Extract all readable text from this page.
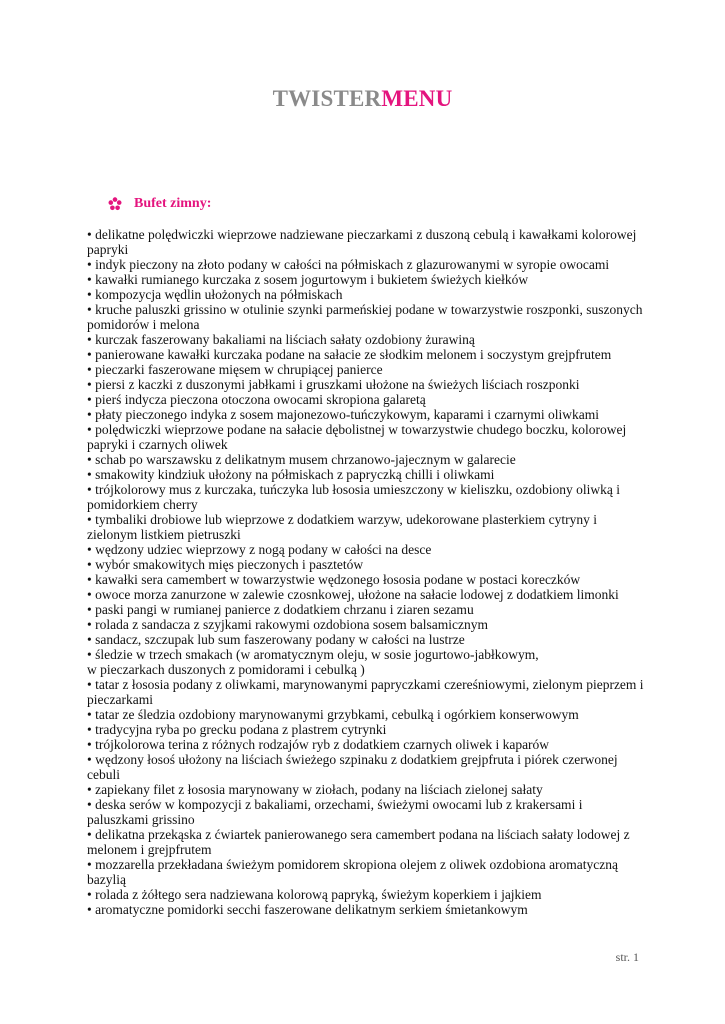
TWISTERMENU
Bufet zimny:
• delikatne polędwiczki wieprzowe nadziewane pieczarkami z duszoną cebulą i kawałkami kolorowej papryki
• indyk pieczony na złoto podany w całości na półmiskach z glazurowanymi w syropie owocami
• kawałki rumianego kurczaka z sosem jogurtowym i bukietem świeżych kiełków
• kompozycja wędlin ułożonych na półmiskach
• kruche paluszki grissino w otulinie szynki parmeńskiej podane w towarzystwie roszponki, suszonych pomidorów i melona
• kurczak faszerowany bakaliami na liściach sałaty ozdobiony żurawiną
• panierowane kawałki kurczaka podane na sałacie ze słodkim melonem i soczystym grejpfrutem
• pieczarki faszerowane mięsem w chrupiącej panierce
• piersi z kaczki z duszonymi jabłkami i gruszkami ułożone na świeżych liściach roszponki
• pierś indycza pieczona otoczona owocami skropiona galaretą
• płaty pieczonego indyka z sosem majonezowo-tuńczykowym, kaparami i czarnymi oliwkami
• polędwiczki wieprzowe podane na sałacie dębolistnej w towarzystwie chudego boczku, kolorowej papryki i czarnych oliwek
• schab po warszawsku z delikatnym musem chrzanowo-jajecznym w galarecie
• smakowity kindziuk ułożony na półmiskach z papryczką chilli i oliwkami
• trójkolorowy mus z kurczaka, tuńczyka lub łososia umieszczony w kieliszku, ozdobiony oliwką i pomidorkiem cherry
• tymbaliki drobiowe lub wieprzowe z dodatkiem warzyw, udekorowane plasterkiem cytryny i zielonym listkiem pietruszki
• wędzony udziec wieprzowy z nogą podany w całości na desce
• wybór smakowitych mięs pieczonych i pasztetów
• kawałki sera camembert w towarzystwie wędzonego łososia podane w postaci koreczków
• owoce morza zanurzone w zalewie czosnkowej, ułożone na sałacie lodowej z dodatkiem limonki
• paski pangi w rumianej panierce z dodatkiem chrzanu i ziaren sezamu
• rolada z sandacza z szyjkami rakowymi ozdobiona sosem balsamicznym
• sandacz, szczupak lub sum faszerowany podany w całości na lustrze
• śledzie w trzech smakach (w aromatycznym oleju, w sosie jogurtowo-jabłkowym,
w pieczarkach duszonych z pomidorami i cebulką )
• tatar z łososia podany z oliwkami, marynowanymi papryczkami czereśniowymi, zielonym pieprzem i pieczarkami
• tatar ze śledzia ozdobiony marynowanymi grzybkami, cebulką i ogórkiem konserwowym
• tradycyjna ryba po grecku podana z plastrem cytrynki
• trójkolorowa terina z różnych rodzajów ryb z dodatkiem czarnych oliwek i kaparów
• wędzony łosoś ułożony na liściach świeżego szpinaku z dodatkiem grejpfruta i piórek czerwonej cebuli
• zapiekany filet z łososia marynowany w ziołach, podany na liściach zielonej sałaty
• deska serów w kompozycji z bakaliami, orzechami, świeżymi owocami lub z krakersami i paluszkami grissino
• delikatna przekąska z ćwiartek panierowanego sera camembert podana na liściach sałaty lodowej z melonem i grejpfrutem
• mozzarella przekładana świeżym pomidorem skropiona olejem z oliwek ozdobiona aromatyczną bazylią
• rolada z żółtego sera nadziewana kolorową papryką, świeżym koperkiem i jajkiem
• aromatyczne pomidorki secchi faszerowane delikatnym serkiem śmietankowym
str. 1
